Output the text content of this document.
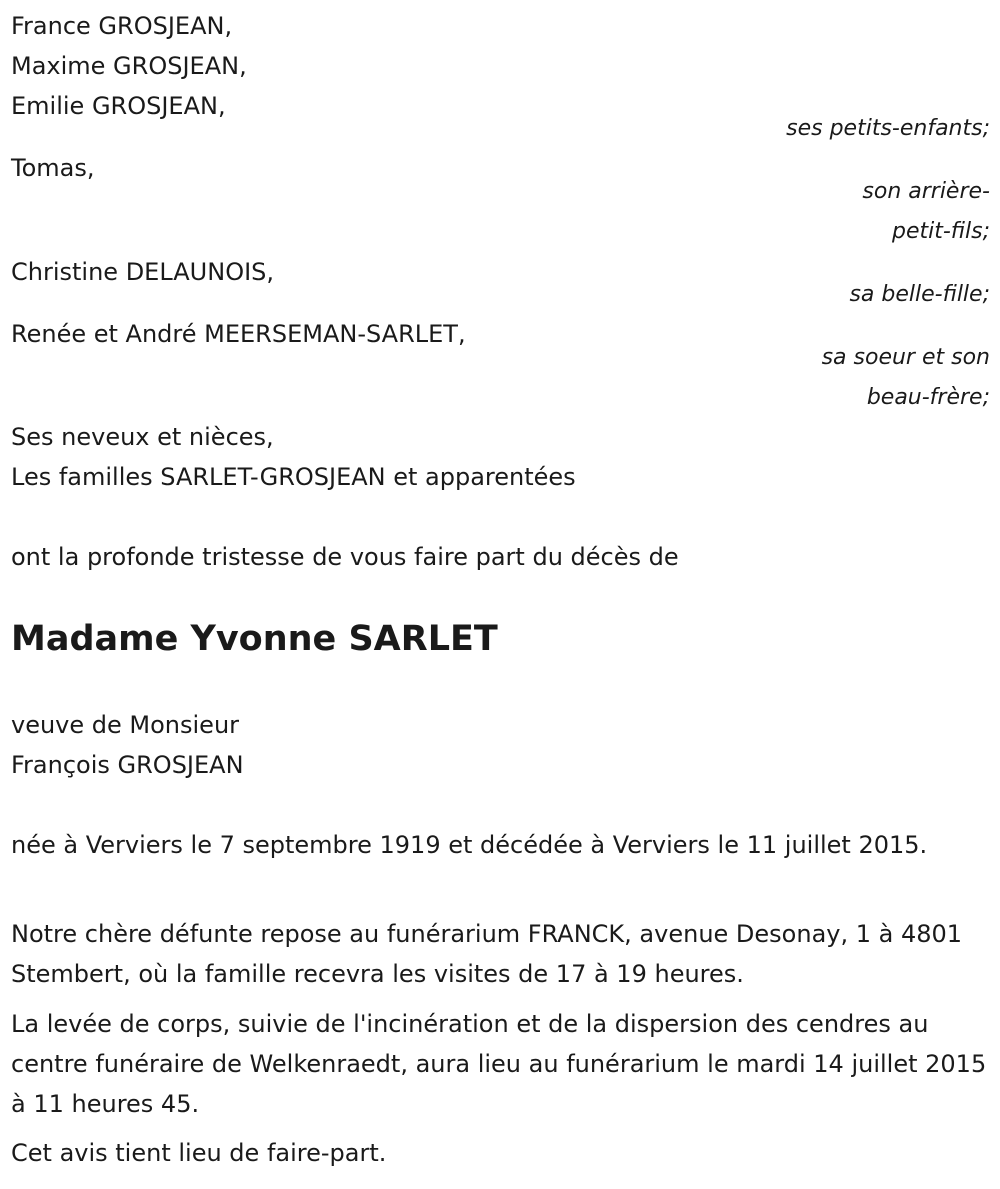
France GROSJEAN,
Maxime GROSJEAN,
Emilie GROSJEAN,
ses petits-enfants;
Tomas,
son arrière-
petit-fils;
Christine DELAUNOIS,
sa belle-fille;
Renée et André MEERSEMAN-SARLET,
sa soeur et son
beau-frère;
Ses neveux et nièces,
Les familles SARLET-GROSJEAN et apparentées
ont la profonde tristesse de vous faire part du décès de
Madame Yvonne SARLET
veuve de Monsieur
François GROSJEAN
née à Verviers le 7 septembre 1919 et décédée à Verviers le 11 juillet 2015.
Notre chère défunte repose au funérarium FRANCK, avenue Desonay, 1 à 4801 Stembert, où la famille recevra les visites de 17 à 19 heures.
La levée de corps, suivie de l'incinération et de la dispersion des cendres au centre funéraire de Welkenraedt, aura lieu au funérarium le mardi 14 juillet 2015 à 11 heures 45.
Cet avis tient lieu de faire-part.
